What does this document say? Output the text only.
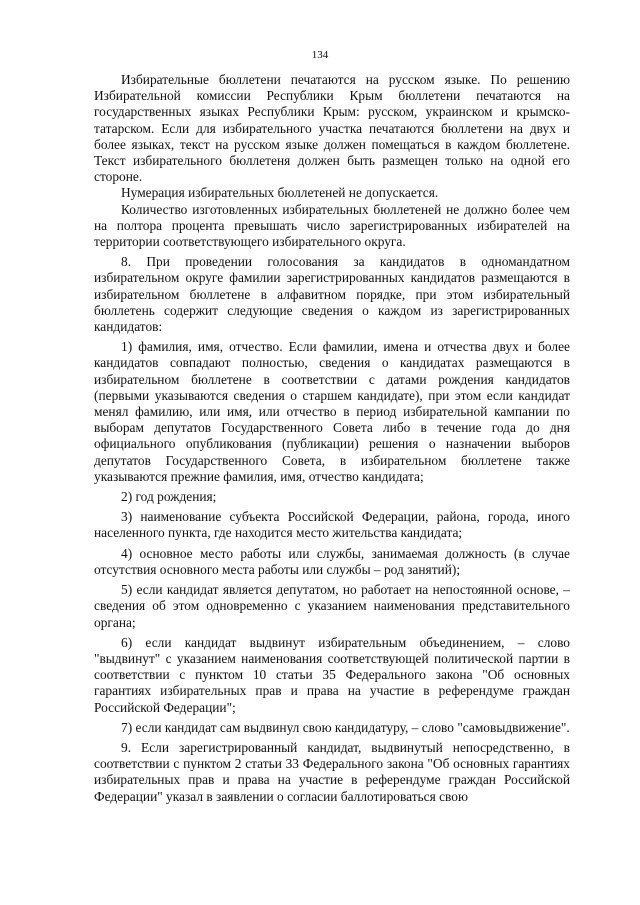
134

Избирательные бюллетени печатаются на русском языке. По решению Избирательной комиссии Республики Крым бюллетени печатаются на государственных языках Республики Крым: русском, украинском и крымско-татарском. Если для избирательного участка печатаются бюллетени на двух и более языках, текст на русском языке должен помещаться в каждом бюллетене. Текст избирательного бюллетеня должен быть размещен только на одной его стороне.

Нумерация избирательных бюллетеней не допускается.

Количество изготовленных избирательных бюллетеней не должно более чем на полтора процента превышать число зарегистрированных избирателей на территории соответствующего избирательного округа.

8. При проведении голосования за кандидатов в одномандатном избирательном округе фамилии зарегистрированных кандидатов размещаются в избирательном бюллетене в алфавитном порядке, при этом избирательный бюллетень содержит следующие сведения о каждом из зарегистрированных кандидатов:

1) фамилия, имя, отчество. Если фамилии, имена и отчества двух и более кандидатов совпадают полностью, сведения о кандидатах размещаются в избирательном бюллетене в соответствии с датами рождения кандидатов (первыми указываются сведения о старшем кандидате), при этом если кандидат менял фамилию, или имя, или отчество в период избирательной кампании по выборам депутатов Государственного Совета либо в течение года до дня официального опубликования (публикации) решения о назначении выборов депутатов Государственного Совета, в избирательном бюллетене также указываются прежние фамилия, имя, отчество кандидата;

2) год рождения;

3) наименование субъекта Российской Федерации, района, города, иного населенного пункта, где находится место жительства кандидата;

4) основное место работы или службы, занимаемая должность (в случае отсутствия основного места работы или службы – род занятий);

5) если кандидат является депутатом, но работает на непостоянной основе, – сведения об этом одновременно с указанием наименования представительного органа;

6) если кандидат выдвинут избирательным объединением, – слово "выдвинут" с указанием наименования соответствующей политической партии в соответствии с пунктом 10 статьи 35 Федерального закона "Об основных гарантиях избирательных прав и права на участие в референдуме граждан Российской Федерации";

7) если кандидат сам выдвинул свою кандидатуру, – слово "самовыдвижение".

9. Если зарегистрированный кандидат, выдвинутый непосредственно, в соответствии с пунктом 2 статьи 33 Федерального закона "Об основных гарантиях избирательных прав и права на участие в референдуме граждан Российской Федерации" указал в заявлении о согласии баллотироваться свою
